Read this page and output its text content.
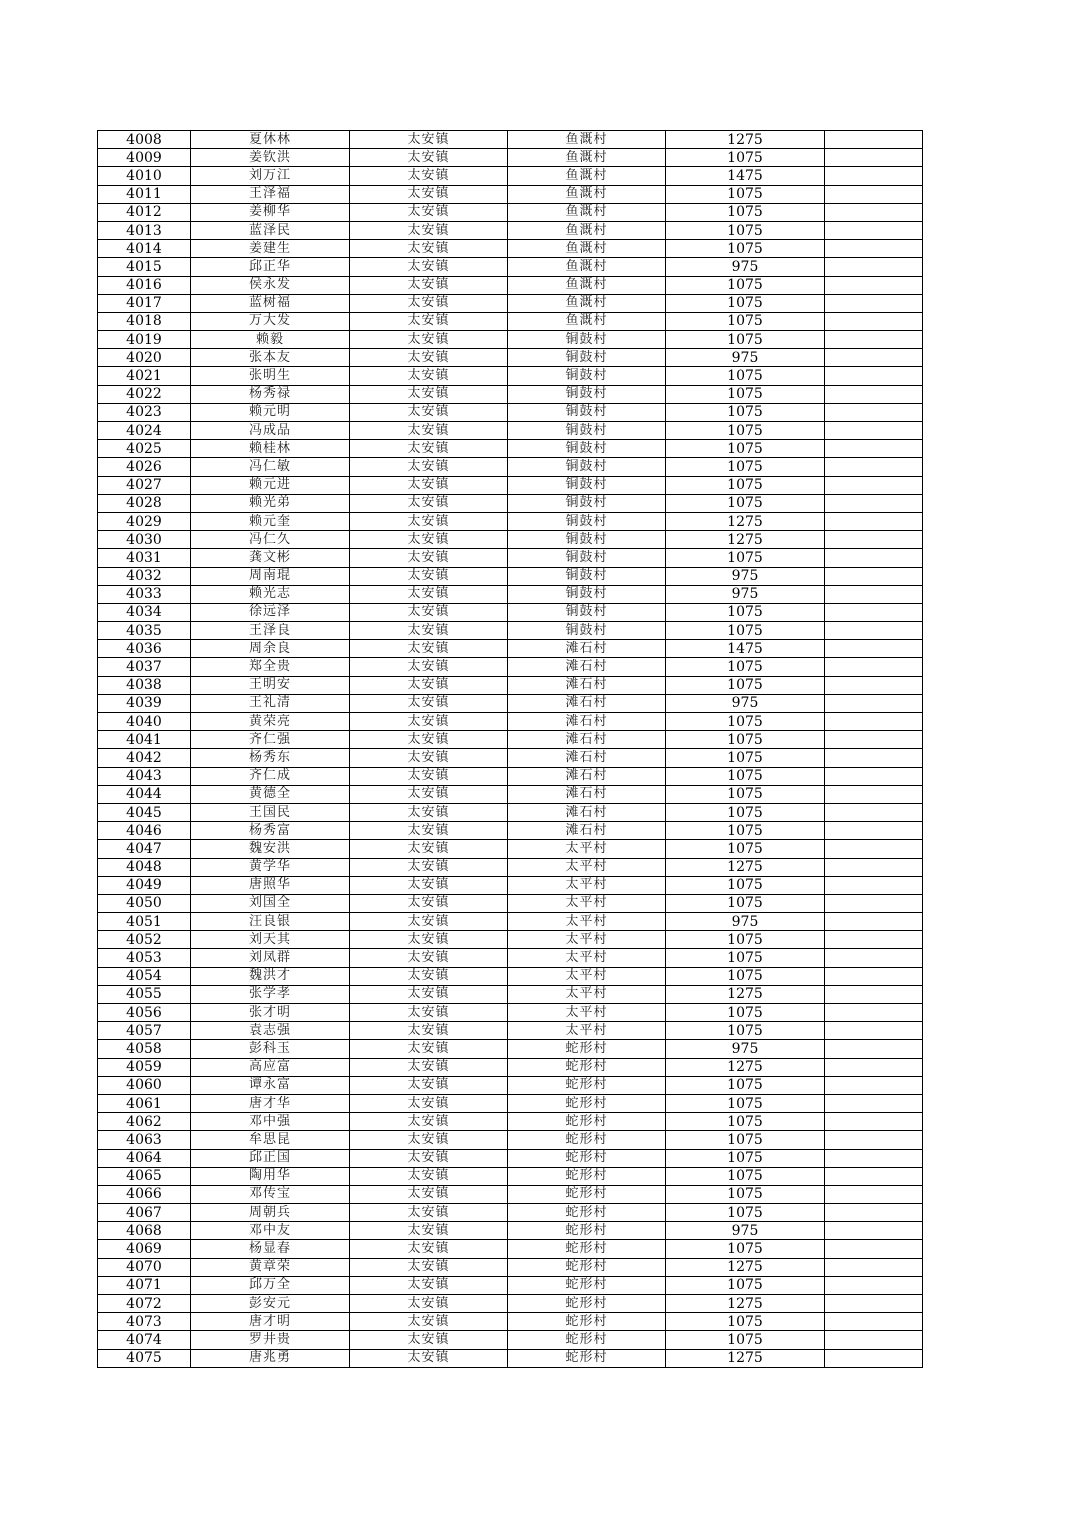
4008	夏休林	太安镇	鱼溉村	1275	
4009	姜钦洪	太安镇	鱼溉村	1075	
4010	刘万江	太安镇	鱼溉村	1475	
4011	王泽福	太安镇	鱼溉村	1075	
4012	姜柳华	太安镇	鱼溉村	1075	
4013	蓝泽民	太安镇	鱼溉村	1075	
4014	姜建生	太安镇	鱼溉村	1075	
4015	邱正华	太安镇	鱼溉村	975	
4016	侯永发	太安镇	鱼溉村	1075	
4017	蓝树福	太安镇	鱼溉村	1075	
4018	万大发	太安镇	鱼溉村	1075	
4019	赖毅	太安镇	铜鼓村	1075	
4020	张本友	太安镇	铜鼓村	975	
4021	张明生	太安镇	铜鼓村	1075	
4022	杨秀禄	太安镇	铜鼓村	1075	
4023	赖元明	太安镇	铜鼓村	1075	
4024	冯成品	太安镇	铜鼓村	1075	
4025	赖桂林	太安镇	铜鼓村	1075	
4026	冯仁敏	太安镇	铜鼓村	1075	
4027	赖元进	太安镇	铜鼓村	1075	
4028	赖光弟	太安镇	铜鼓村	1075	
4029	赖元奎	太安镇	铜鼓村	1275	
4030	冯仁久	太安镇	铜鼓村	1275	
4031	龚文彬	太安镇	铜鼓村	1075	
4032	周南琨	太安镇	铜鼓村	975	
4033	赖光志	太安镇	铜鼓村	975	
4034	徐远泽	太安镇	铜鼓村	1075	
4035	王泽良	太安镇	铜鼓村	1075	
4036	周余良	太安镇	滩石村	1475	
4037	郑全贵	太安镇	滩石村	1075	
4038	王明安	太安镇	滩石村	1075	
4039	王礼清	太安镇	滩石村	975	
4040	黄荣亮	太安镇	滩石村	1075	
4041	齐仁强	太安镇	滩石村	1075	
4042	杨秀东	太安镇	滩石村	1075	
4043	齐仁成	太安镇	滩石村	1075	
4044	黄德全	太安镇	滩石村	1075	
4045	王国民	太安镇	滩石村	1075	
4046	杨秀富	太安镇	滩石村	1075	
4047	魏安洪	太安镇	太平村	1075	
4048	黄学华	太安镇	太平村	1275	
4049	唐照华	太安镇	太平村	1075	
4050	刘国全	太安镇	太平村	1075	
4051	汪良银	太安镇	太平村	975	
4052	刘天其	太安镇	太平村	1075	
4053	刘凤群	太安镇	太平村	1075	
4054	魏洪才	太安镇	太平村	1075	
4055	张学孝	太安镇	太平村	1275	
4056	张才明	太安镇	太平村	1075	
4057	袁志强	太安镇	太平村	1075	
4058	彭科玉	太安镇	蛇形村	975	
4059	高应富	太安镇	蛇形村	1275	
4060	谭永富	太安镇	蛇形村	1075	
4061	唐才华	太安镇	蛇形村	1075	
4062	邓中强	太安镇	蛇形村	1075	
4063	牟思昆	太安镇	蛇形村	1075	
4064	邱正国	太安镇	蛇形村	1075	
4065	陶用华	太安镇	蛇形村	1075	
4066	邓传宝	太安镇	蛇形村	1075	
4067	周朝兵	太安镇	蛇形村	1075	
4068	邓中友	太安镇	蛇形村	975	
4069	杨显春	太安镇	蛇形村	1075	
4070	黄章荣	太安镇	蛇形村	1275	
4071	邱万全	太安镇	蛇形村	1075	
4072	彭安元	太安镇	蛇形村	1275	
4073	唐才明	太安镇	蛇形村	1075	
4074	罗井贵	太安镇	蛇形村	1075	
4075	唐兆勇	太安镇	蛇形村	1275	
